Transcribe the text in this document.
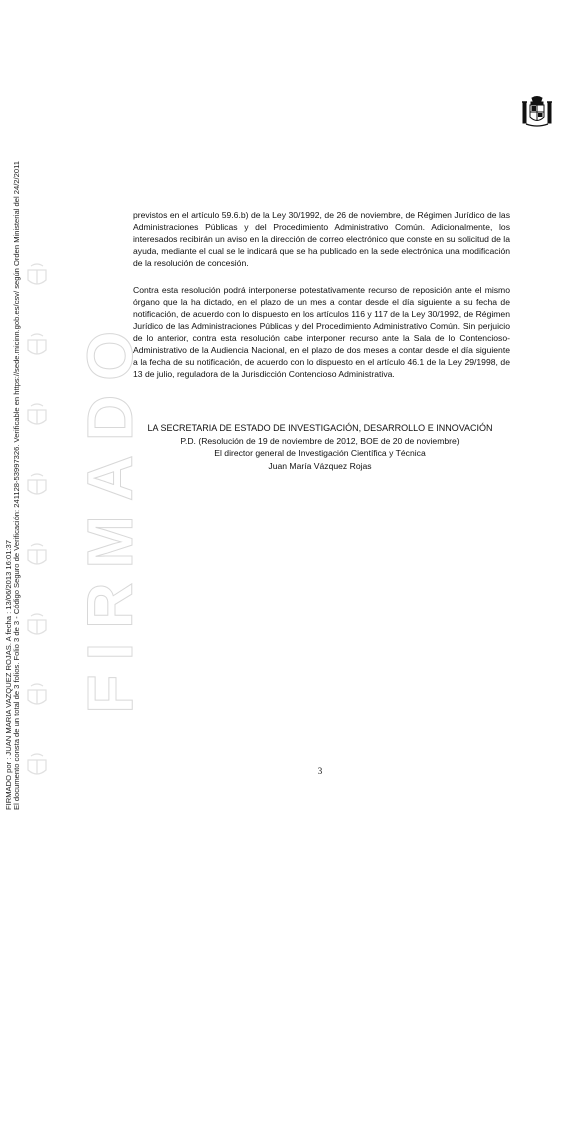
FIRMADO
FIRMADO por : JUAN MARIA VAZQUEZ ROJAS. A fecha : 13/06/2013 16:01:37 El documento consta de un total de 3 folios. Folio 3 de 3 - Código Seguro de Verificación: 241128-53997326. Verificable en https://sede.micinn.gob.es/csv/ según Orden Ministerial del 24/2/2011	previstos en el artículo 59.6.b) de la Ley 30/1992, de 26 de noviembre, de Régimen Jurídico de las Administraciones Públicas y del Procedimiento Administrativo Común. Adicionalmente, los interesados recibirán un aviso en la dirección de correo electrónico que conste en su solicitud de la ayuda, mediante el cual se le indicará que se ha publicado en la sede electrónica una modificación de la resolución de concesión.

Contra esta resolución podrá interponerse potestativamente recurso de reposición ante el mismo órgano que la ha dictado, en el plazo de un mes a contar desde el día siguiente a su fecha de notificación, de acuerdo con lo dispuesto en los artículos 116 y 117 de la Ley 30/1992, de Régimen Jurídico de las Administraciones Públicas y del Procedimiento Administrativo Común. Sin perjuicio de lo anterior, contra esta resolución cabe interponer recurso ante la Sala de lo Contencioso-Administrativo de la Audiencia Nacional, en el plazo de dos meses a contar desde el día siguiente a la fecha de su notificación, de acuerdo con lo dispuesto en el artículo 46.1 de la Ley 29/1998, de 13 de julio, reguladora de la Jurisdicción Contencioso Administrativa.

LA SECRETARIA DE ESTADO DE INVESTIGACIÓN, DESARROLLO E INNOVACIÓN
P.D. (Resolución de 19 de noviembre de 2012, BOE de 20 de noviembre)
El director general de Investigación Científica y Técnica
Juan María Vázquez Rojas
3
